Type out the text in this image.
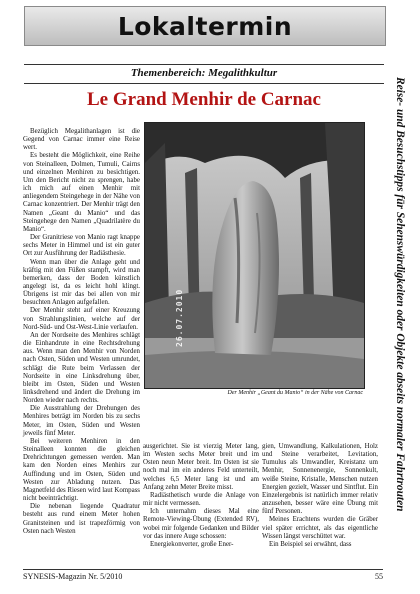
Lokaltermin
Themenbereich: Megalithkultur
Le Grand Menhir de Carnac

Bezüglich Megalithanlagen ist die Gegend von Carnac immer eine Reise wert.

Es besteht die Möglichkeit, eine Reihe von Steinalleen, Dolmen, Tumuli, Cairns und einzelnen Menhiren zu besichtigen. Um den Bericht nicht zu sprengen, habe ich mich auf einen Menhir mit anliegendem Steingehege in der Nähe von Carnac konzentriert. Der Menhir trägt den Namen „Geant du Manio“ und das Steingehege den Namen „Quadrilatère du Manio“.

Der Granitriese von Manio ragt knappe sechs Meter in Himmel und ist ein guter Ort zur Ausführung der Radiästhesie.

Wenn man über die Anlage geht und kräftig mit den Füßen stampft, wird man bemerken, dass der Boden künstlich angelegt ist, da es leicht hohl klingt. Übrigens ist mir das bei allen von mir besuchten Anlagen aufgefallen.

Der Menhir steht auf einer Kreuzung von Strahlungslinien, welche auf der Nord-Süd- und Ost-West-Linie verlaufen.

An der Nordseite des Menhires schlägt die Einhandrute in eine Rechtsdrehung aus. Wenn man den Menhir von Norden nach Osten, Süden und Westen umrundet, schlägt die Rute beim Verlassen der Nordseite in eine Linksdrehung über, bleibt im Osten, Süden und Westen linksdrehend und ändert die Drehung im Norden wieder nach rechts.

Die Ausstrahlung der Drehungen des Menhires beträgt im Norden bis zu sechs Meter, im Osten, Süden und Westen jeweils fünf Meter.

Bei weiteren Menhiren in den Steinalleen konnten die gleichen Drehrichtungen gemessen werden. Man kam den Norden eines Menhirs zur Auffindung und im Osten, Süden und Westen zur Abladung nutzen. Das Magnetfeld des Riesen wird laut Kompass nicht beeinträchtigt.

Die nebenan liegende Quadratur besteht aus rund einem Meter hohen Granitsteinen und ist trapezförmig von Osten nach Westen

26.07.2010
Der Menhir „Geant du Manio“ in der Nähe von Carnac

ausgerichtet. Sie ist vierzig Meter lang, im Westen sechs Meter breit und im Osten neun Meter breit. Im Osten ist sie noch mal im ein anderes Feld unterteilt, welches 6,5 Meter lang ist und am Anfang zehn Meter Breite misst.

Radiästhetisch wurde die Anlage von mir nicht vermessen.

Ich unternahm dieses Mal eine Remote-Viewing-Übung (Extended RV), wobei mir folgende Gedanken und Bilder vor das innere Auge schossen:

Energiekonverter, große Ener-

gien, Umwandlung, Kalkulationen, Holz und Steine verarbeitet, Levitation, Tumulus als Umwandler, Kreistanz um Menhir, Sonnenenergie, Sonnenkult, weiße Steine, Kristalle, Menschen nutzen Energien gezielt, Wasser und Sintflut. Ein Einzelergebnis ist natürlich immer relativ anzusehen, besser wäre eine Übung mit fünf Personen.

Meines Erachtens wurden die Gräber viel später errichtet, als das eigentliche Wissen längst verschüttet war.

Ein Beispiel sei erwähnt, dass

Reise- und Besuchstipps für Sehenswürdigkeiten oder Objekte abseits normaler Fahrtrouten
SYNESIS-Magazin Nr. 5/2010	55
